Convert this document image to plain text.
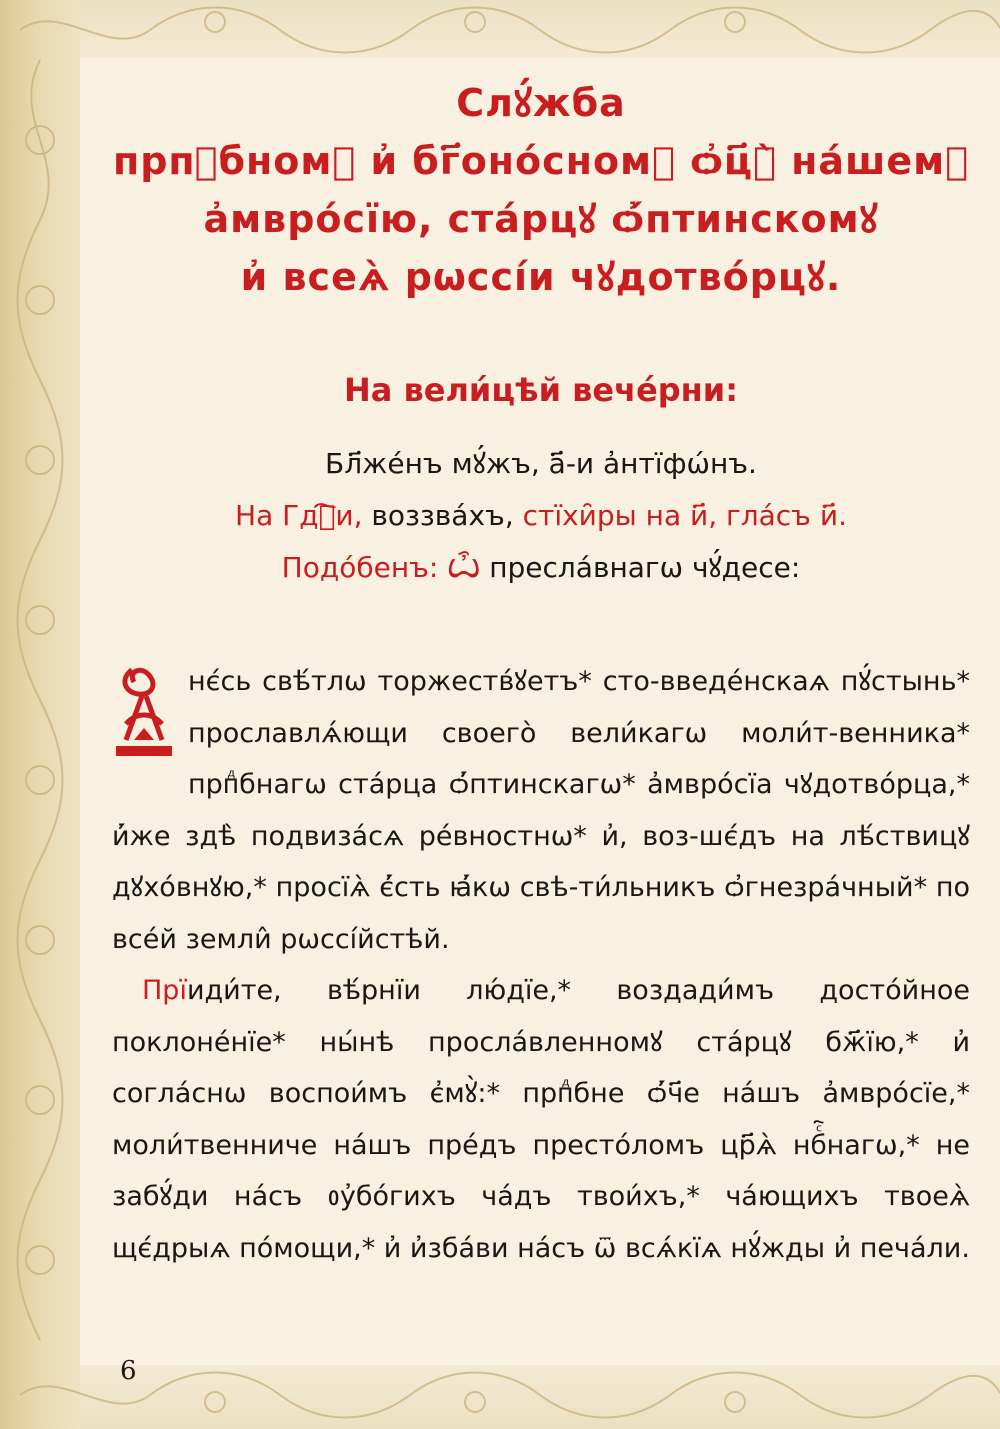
Слꙋ́жба
прпⷣбномꙋ и҆ бг҃оно́сномꙋ ѻ҆ц҃ꙋ̀ на́шемꙋ
а҆мвро́сїю, ста́рцꙋ ѻ҆́птинскомꙋ
и҆ всеѧ̀ рѡссі́и чꙋдотво́рцꙋ.
На вели́цѣй вече́рни:
Бл҃же́нъ мꙋ́жъ, а҃-и а҆нтїфѡ́нъ.
На Гдⷭ҇и, воззва́хъ, стїхи̑ры на и҃, гла́съ и҃.
Подо́бенъ: Ѽ преслáвнагѡ чꙋ́десе:

нє́сь свѣ́тлѡ торжеств́ꙋетъ* сто-введе́нскаѧ пꙋ́стынь* прославлѧ́ющи своего̀ вели́кагѡ моли́т-венника* прпⷣбнагѡ ста́рца ѻ҆́птинскагѡ* а҆мвро́сїа чꙋдотво́рца,* и҆́же здѣ̀ подвиза́сѧ ре́вностнѡ* и҆, воз-шє́дъ на лѣ́ствицꙋ дꙋхо́внꙋю,* просїѧ̀ є҆́сть ꙗ҆́кѡ свѣ-ти́льникъ ѻ҆гнезра́чный* по все́й земли̂ рѡссі́йстѣй.

Прїиди́те, вѣ́рнїи лю́дїе,* воздади́мъ досто́йное поклоне́нїе* ны́нѣ просла́вленномꙋ ста́рцꙋ бж҃їю,* и҆ согла́снѡ воспои́мъ є҆мꙋ̀:* прпⷣбне ѻ҆́ч҃е на́шъ а҆мвро́сїе,* моли́твенниче на́шъ пре́дъ престо́ломъ цр҃ѧ̀ нбⷭ҇нагѡ,* не забꙋ́ди на́съ ᲂу҆бо́гихъ ча́дъ твои́хъ,* ча́ющихъ твоеѧ̀ щє́дрыѧ по́мощи,* и҆ и҆зба́ви на́съ ѿ всѧ́кїѧ нꙋ́жды и҆ печа́ли.

6
